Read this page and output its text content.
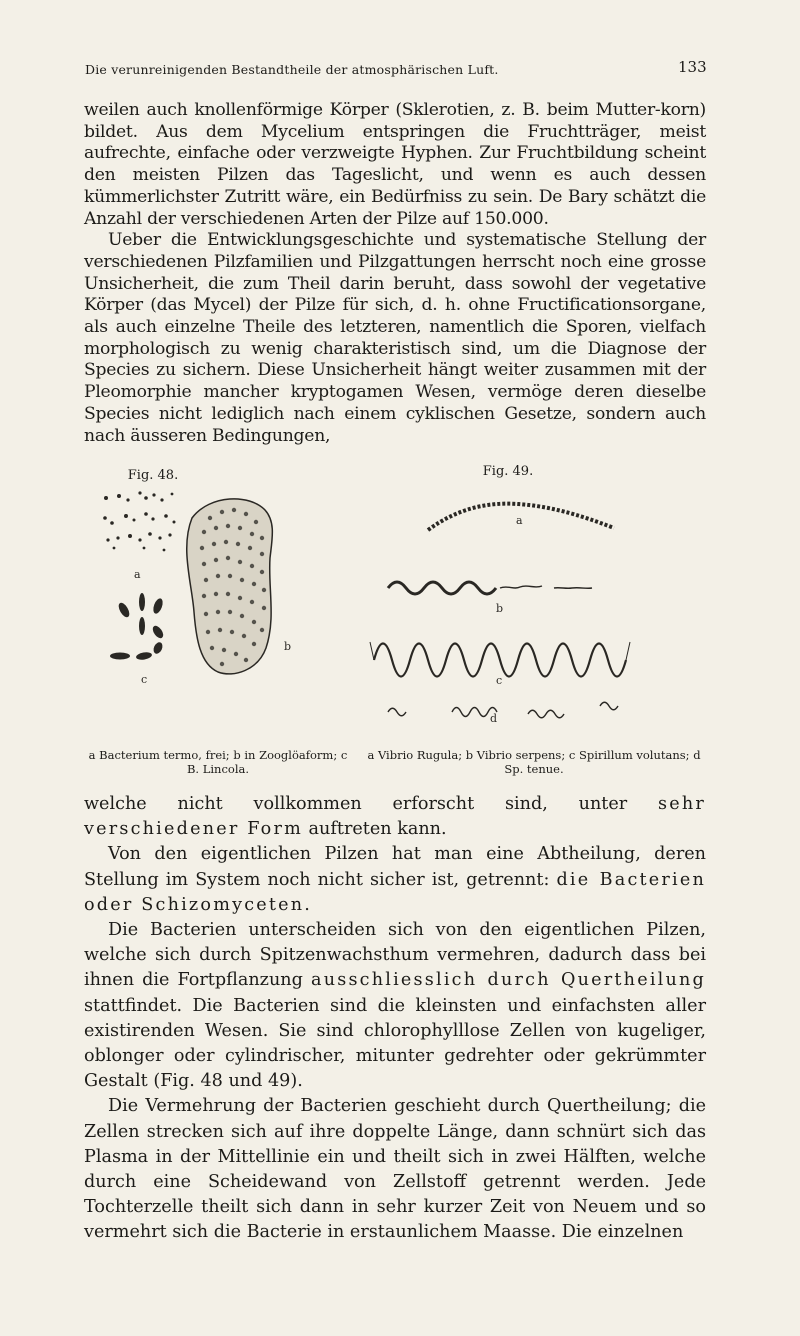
Die verunreinigenden Bestandtheile der atmosphärischen Luft.	133

weilen auch knollenförmige Körper (Sklerotien, z. B. beim Mutter-korn) bildet. Aus dem Mycelium entspringen die Fruchtträger, meist aufrechte, einfache oder verzweigte Hyphen. Zur Fruchtbildung scheint den meisten Pilzen das Tageslicht, und wenn es auch dessen kümmerlichster Zutritt wäre, ein Bedürfniss zu sein. De Bary schätzt die Anzahl der verschiedenen Arten der Pilze auf 150.000.

Ueber die Entwicklungsgeschichte und systematische Stellung der verschiedenen Pilzfamilien und Pilzgattungen herrscht noch eine grosse Unsicherheit, die zum Theil darin beruht, dass sowohl der vegetative Körper (das Mycel) der Pilze für sich, d. h. ohne Fructificationsorgane, als auch einzelne Theile des letzteren, namentlich die Sporen, vielfach morphologisch zu wenig charakteristisch sind, um die Diagnose der Species zu sichern. Diese Unsicherheit hängt weiter zusammen mit der Pleomorphie mancher kryptogamen Wesen, vermöge deren dieselbe Species nicht lediglich nach einem cyklischen Gesetze, sondern auch nach äusseren Bedingungen,

Fig. 48.
a
b
c
a Bacterium termo, frei; b in Zooglöaform; c B. Lincola.
Fig. 49.
a
b
c
d
a Vibrio Rugula; b Vibrio serpens; c Spirillum volutans; d Sp. tenue.

welche nicht vollkommen erforscht sind, unter sehr verschiedener Form auftreten kann.

Von den eigentlichen Pilzen hat man eine Abtheilung, deren Stellung im System noch nicht sicher ist, getrennt: die Bacterien oder Schizomyceten.

Die Bacterien unterscheiden sich von den eigentlichen Pilzen, welche sich durch Spitzenwachsthum vermehren, dadurch dass bei ihnen die Fortpflanzung ausschliesslich durch Quertheilung stattfindet. Die Bacterien sind die kleinsten und einfachsten aller existirenden Wesen. Sie sind chlorophylllose Zellen von kugeliger, oblonger oder cylindrischer, mitunter gedrehter oder gekrümmter Gestalt (Fig. 48 und 49).

Die Vermehrung der Bacterien geschieht durch Quertheilung; die Zellen strecken sich auf ihre doppelte Länge, dann schnürt sich das Plasma in der Mittellinie ein und theilt sich in zwei Hälften, welche durch eine Scheidewand von Zellstoff getrennt werden. Jede Tochterzelle theilt sich dann in sehr kurzer Zeit von Neuem und so vermehrt sich die Bacterie in erstaunlichem Maasse. Die einzelnen
